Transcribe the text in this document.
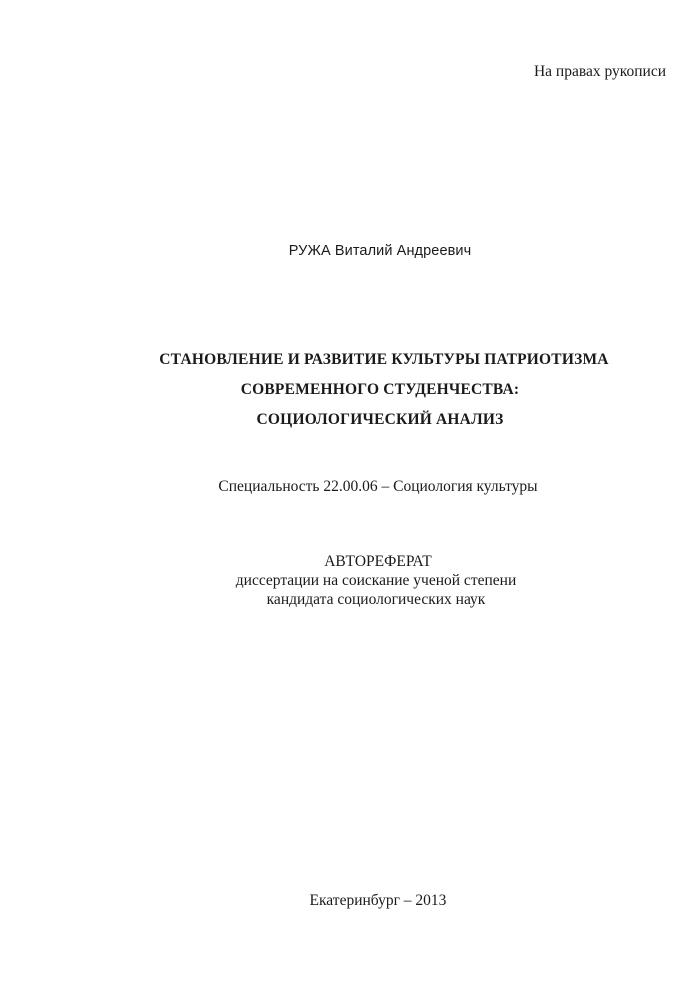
На правах рукописи
РУЖА Виталий Андреевич
СТАНОВЛЕНИЕ И РАЗВИТИЕ КУЛЬТУРЫ ПАТРИОТИЗМА
СОВРЕМЕННОГО СТУДЕНЧЕСТВА:
СОЦИОЛОГИЧЕСКИЙ АНАЛИЗ
Специальность 22.00.06 – Социология культуры
АВТОРЕФЕРАТ
диссертации на соискание ученой степени
кандидата социологических наук
Екатеринбург – 2013
